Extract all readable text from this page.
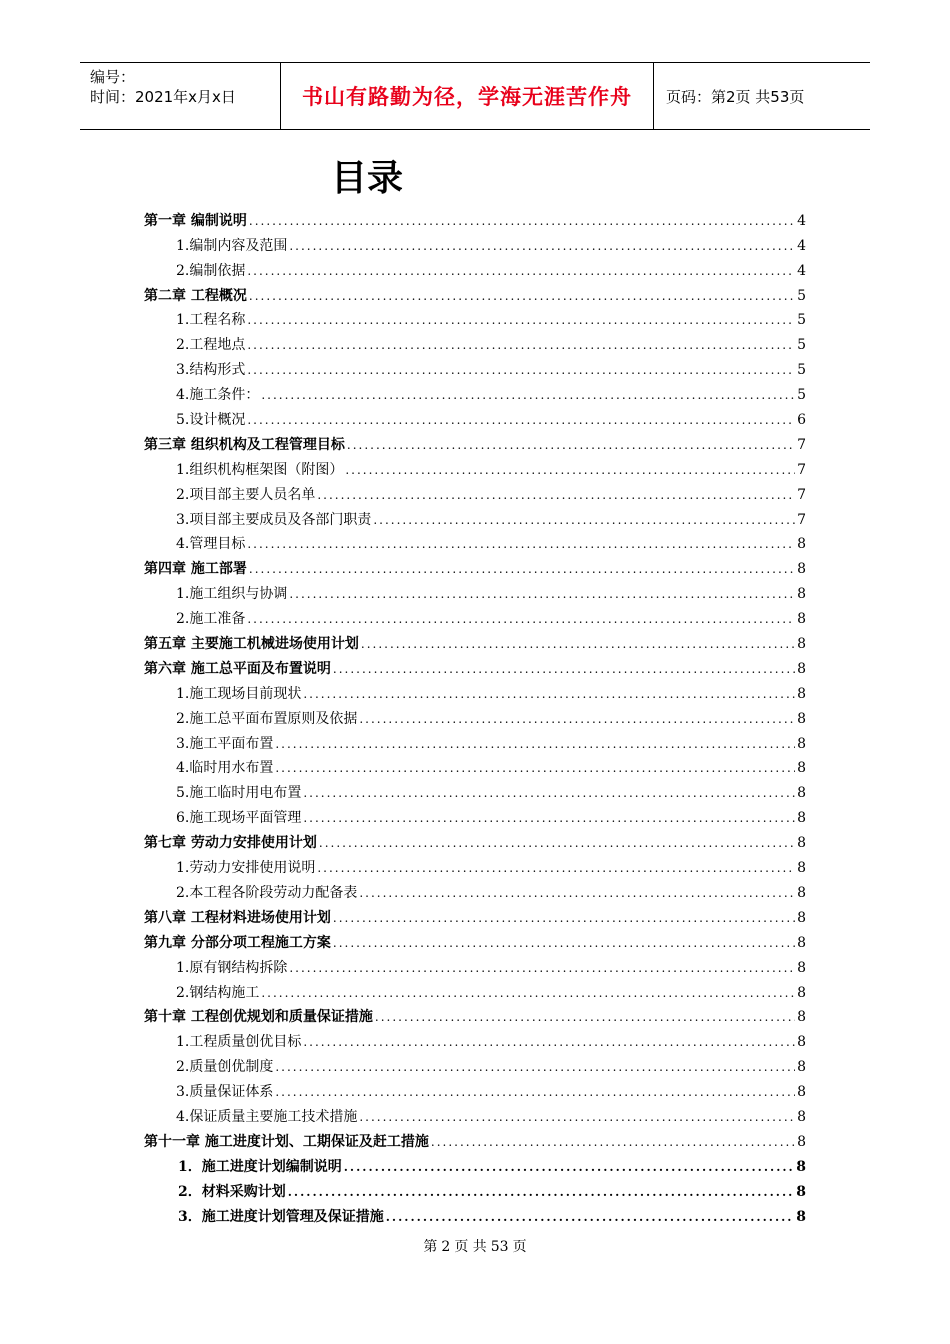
编号：
时间：2021年x月x日	书山有路勤为径，学海无涯苦作舟	页码：第2页 共53页
目录
第一章 编制说明 .....	4
1.编制内容及范围 .....	4
2.编制依据 .....	4
第二章 工程概况 .....	5
1.工程名称 .....	5
2.工程地点 .....	5
3.结构形式 .....	5
4.施工条件： .....	5
5.设计概况 .....	6
第三章 组织机构及工程管理目标 .....	7
1.组织机构框架图（附图） .....	7
2.项目部主要人员名单 .....	7
3.项目部主要成员及各部门职责 .....	7
4.管理目标 .....	8
第四章 施工部署 .....	8
1.施工组织与协调 .....	8
2.施工准备 .....	8
第五章 主要施工机械进场使用计划 .....	8
第六章 施工总平面及布置说明 .....	8
1.施工现场目前现状 .....	8
2.施工总平面布置原则及依据 .....	8
3.施工平面布置 .....	8
4.临时用水布置 .....	8
5.施工临时用电布置 .....	8
6.施工现场平面管理 .....	8
第七章 劳动力安排使用计划 .....	8
1.劳动力安排使用说明 .....	8
2.本工程各阶段劳动力配备表 .....	8
第八章 工程材料进场使用计划 .....	8
第九章 分部分项工程施工方案 .....	8
1.原有钢结构拆除 .....	8
2.钢结构施工 .....	8
第十章 工程创优规划和质量保证措施 .....	8
1.工程质量创优目标 .....	8
2.质量创优制度 .....	8
3.质量保证体系 .....	8
4.保证质量主要施工技术措施 .....	8
第十一章 施工进度计划、工期保证及赶工措施 .....	8
1．施工进度计划编制说明 .....	8
2．材料采购计划 .....	8
3．施工进度计划管理及保证措施 .....	8
第 2 页 共 53 页
